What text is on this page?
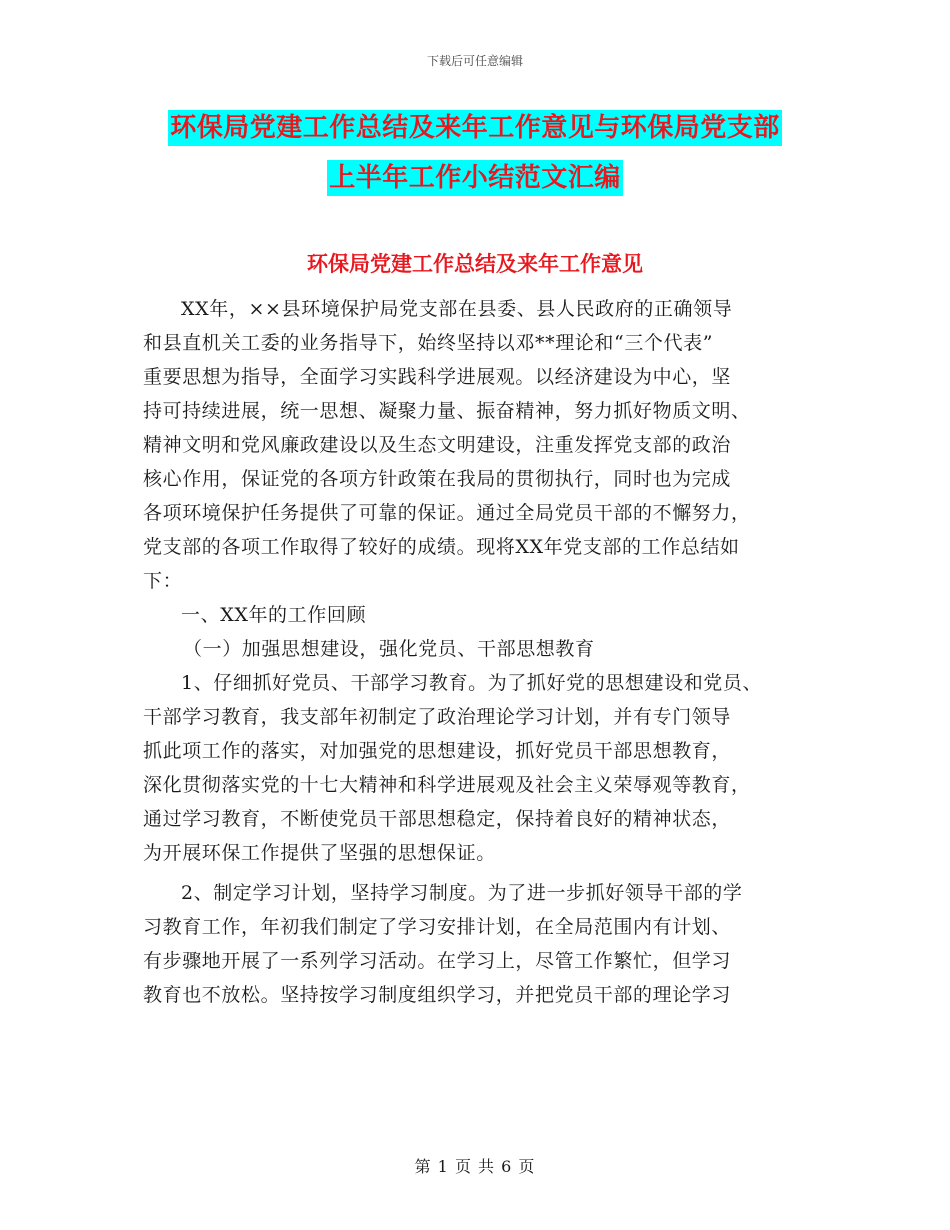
下载后可任意编辑
环保局党建工作总结及来年工作意见与环保局党支部
上半年工作小结范文汇编
环保局党建工作总结及来年工作意见
XX年，××县环境保护局党支部在县委、县人民政府的正确领导
和县直机关工委的业务指导下，始终坚持以邓**理论和“三个代表”
重要思想为指导，全面学习实践科学进展观。以经济建设为中心，坚
持可持续进展，统一思想、凝聚力量、振奋精神，努力抓好物质文明、
精神文明和党风廉政建设以及生态文明建设，注重发挥党支部的政治
核心作用，保证党的各项方针政策在我局的贯彻执行，同时也为完成
各项环境保护任务提供了可靠的保证。通过全局党员干部的不懈努力，
党支部的各项工作取得了较好的成绩。现将XX年党支部的工作总结如
下：
一、XX年的工作回顾
（一）加强思想建设，强化党员、干部思想教育
1、仔细抓好党员、干部学习教育。为了抓好党的思想建设和党员、
干部学习教育，我支部年初制定了政治理论学习计划，并有专门领导
抓此项工作的落实，对加强党的思想建设，抓好党员干部思想教育，
深化贯彻落实党的十七大精神和科学进展观及社会主义荣辱观等教育，
通过学习教育，不断使党员干部思想稳定，保持着良好的精神状态，
为开展环保工作提供了坚强的思想保证。
2、制定学习计划，坚持学习制度。为了进一步抓好领导干部的学
习教育工作，年初我们制定了学习安排计划，在全局范围内有计划、
有步骤地开展了一系列学习活动。在学习上，尽管工作繁忙，但学习
教育也不放松。坚持按学习制度组织学习，并把党员干部的理论学习
第 1 页 共 6 页
